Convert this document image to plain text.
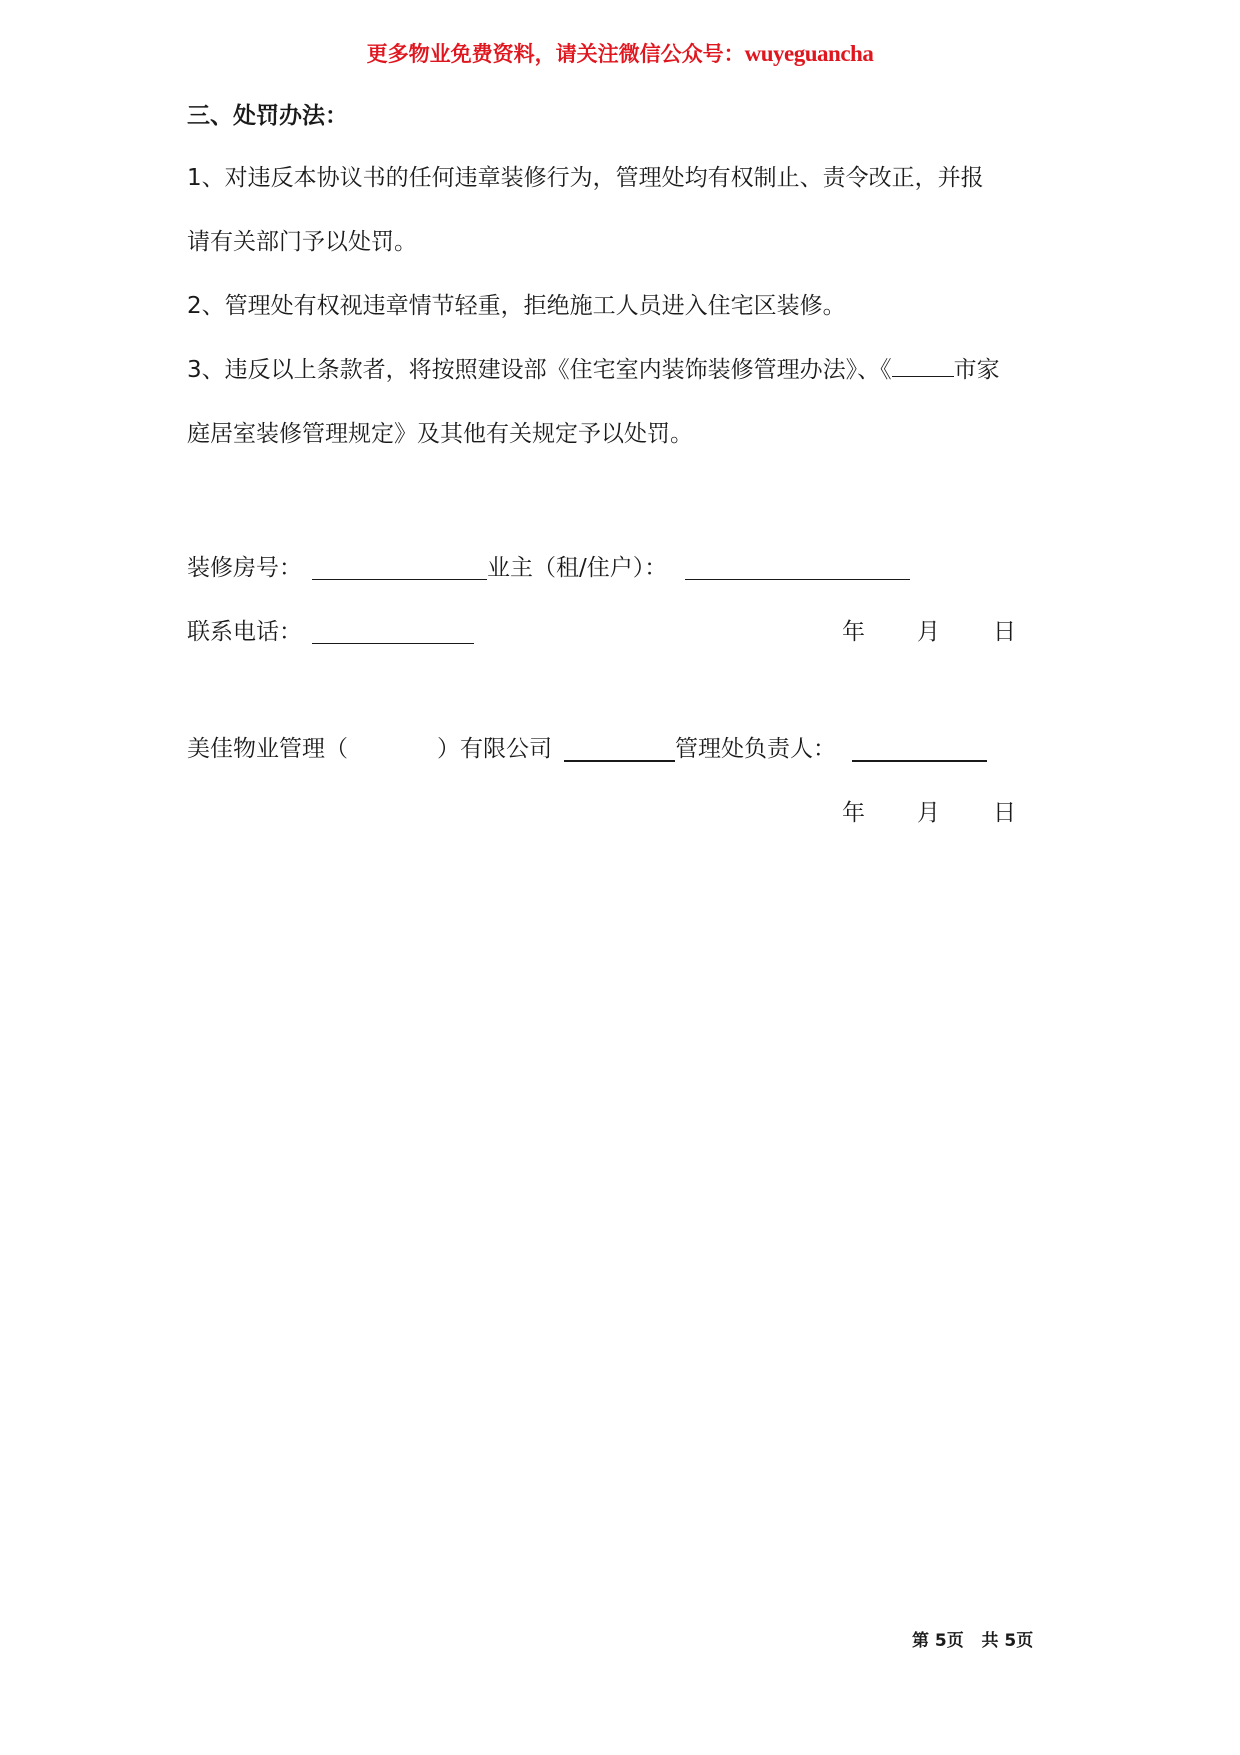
更多物业免费资料，请关注微信公众号：wuyeguancha
三、处罚办法：
1、对违反本协议书的任何违章装修行为，管理处均有权制止、责令改正，并报
请有关部门予以处罚。
2、管理处有权视违章情节轻重，拒绝施工人员进入住宅区装修。
3、违反以上条款者，将按照建设部《住宅室内装饰装修管理办法》、《	市家
庭居室装修管理规定》及其他有关规定予以处罚。
装修房号：	业主（租/住户）：
联系电话：	年 月 日
美佳物业管理（	）有限公司	管理处负责人：
年 月 日
第 5页 共 5页
